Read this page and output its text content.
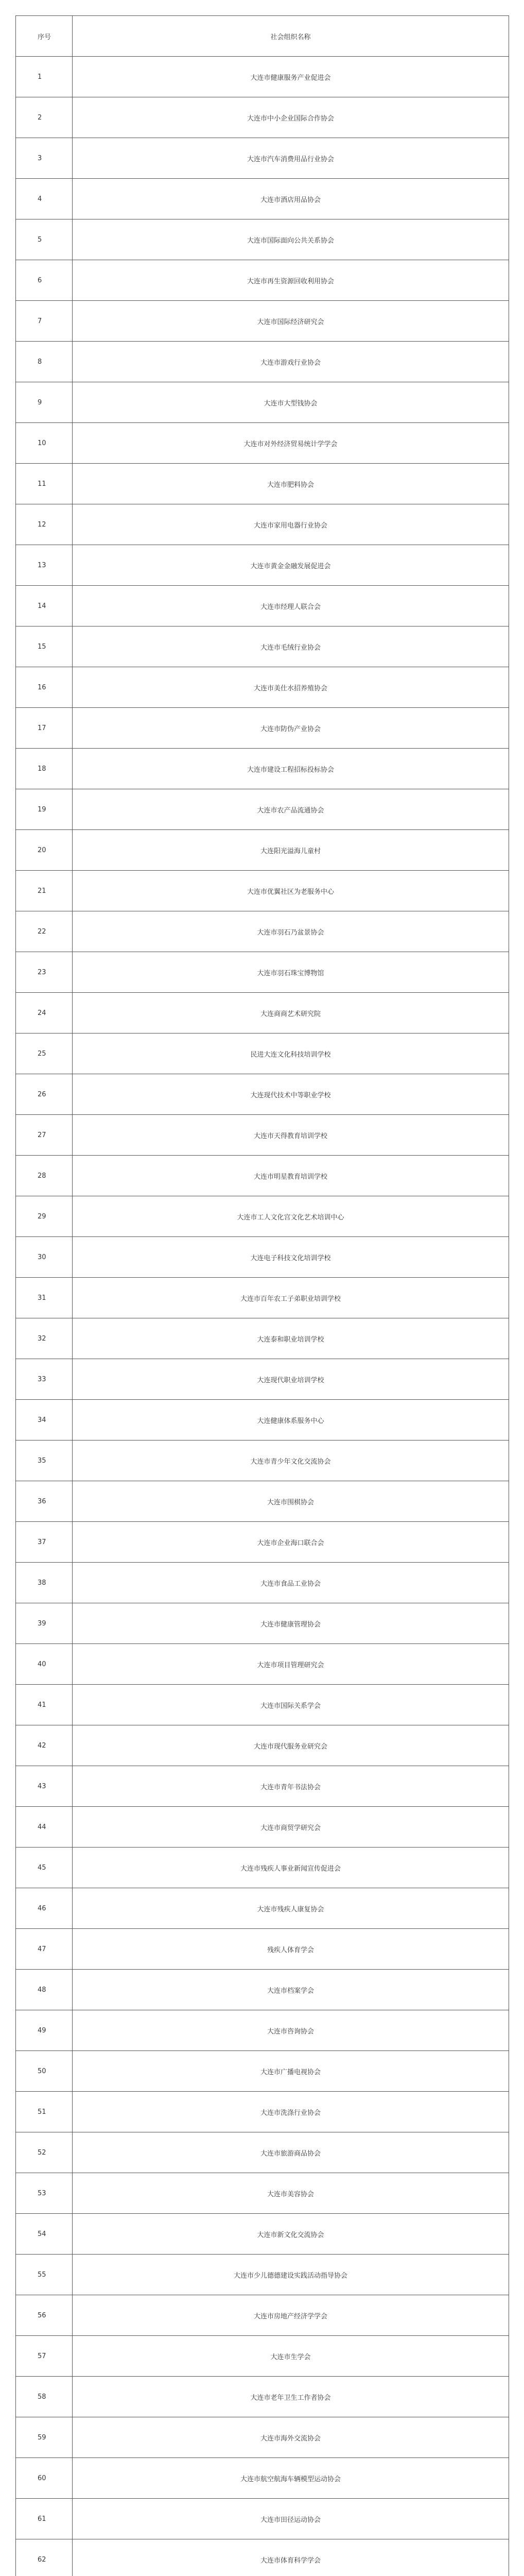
序号	社会组织名称
1	大连市健康服务产业促进会
2	大连市中小企业国际合作协会
3	大连市汽车消费用品行业协会
4	大连市酒店用品协会
5	大连市国际面向公共关系协会
6	大连市再生资源回收利用协会
7	大连市国际经济研究会
8	大连市游戏行业协会
9	大连市大型钱协会
10	大连市对外经济贸易统计学学会
11	大连市肥料协会
12	大连市家用电器行业协会
13	大连市黄金金融发展促进会
14	大连市经理人联合会
15	大连市毛绒行业协会
16	大连市美仕水招养殖协会
17	大连市防伪产业协会
18	大连市建设工程招标投标协会
19	大连市农产品流通协会
20	大连阳光溢海儿童村
21	大连市优翼社区为老服务中心
22	大连市羽石乃盆景协会
23	大连市羽石珠宝博物馆
24	大连商商艺术研究院
25	民进大连文化科技培训学校
26	大连现代技术中等职业学校
27	大连市天得教育培训学校
28	大连市明星教育培训学校
29	大连市工人文化宫文化艺术培训中心
30	大连电子科技文化培训学校
31	大连市百年农工子弟职业培训学校
32	大连泰和职业培训学校
33	大连现代职业培训学校
34	大连健康体系服务中心
35	大连市青少年文化交流协会
36	大连市围棋协会
37	大连市企业海口联合会
38	大连市食品工业协会
39	大连市健康管理协会
40	大连市项目管理研究会
41	大连市国际关系学会
42	大连市现代服务业研究会
43	大连市青年书法协会
44	大连市商贸学研究会
45	大连市残疾人事业新闻宣传促进会
46	大连市残疾人康复协会
47	残疾人体育学会
48	大连市档案学会
49	大连市咨询协会
50	大连市广播电视协会
51	大连市洗涤行业协会
52	大连市旅游商品协会
53	大连市美容协会
54	大连市新文化交流协会
55	大连市少儿德德建设实践活动指导协会
56	大连市房地产经济学学会
57	大连市生学会
58	大连市老年卫生工作者协会
59	大连市海外交流协会
60	大连市航空航海车辆模型运动协会
61	大连市田径运动协会
62	大连市体育科学学会
